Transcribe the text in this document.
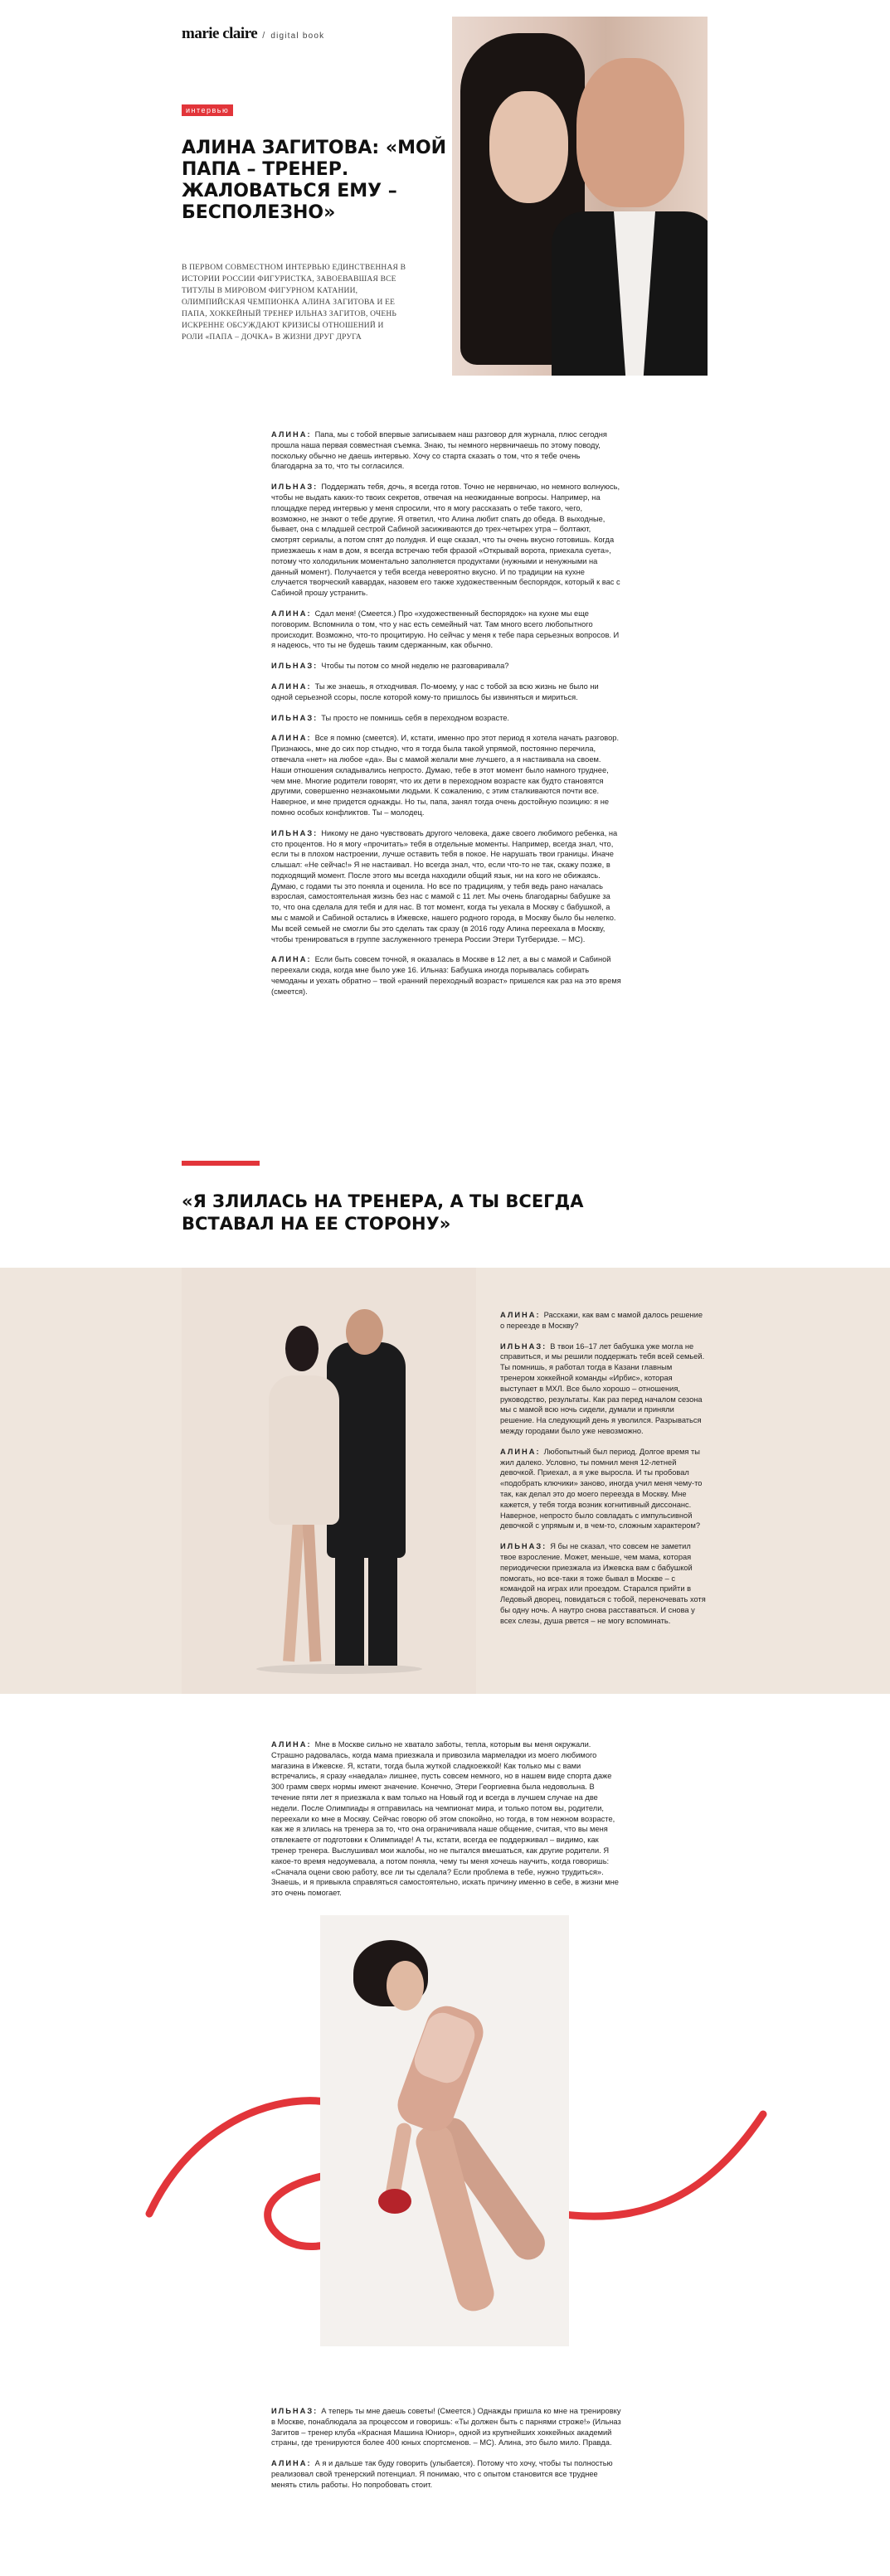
marie claire / digital book
интервью
АЛИНА ЗАГИТОВА: «МОЙ ПАПА – ТРЕНЕР. ЖАЛОВАТЬСЯ ЕМУ – БЕСПОЛЕЗНО»
В ПЕРВОМ СОВМЕСТНОМ ИНТЕРВЬЮ ЕДИНСТВЕННАЯ В ИСТОРИИ РОССИИ ФИГУРИСТКА, ЗАВОЕВАВШАЯ ВСЕ ТИТУЛЫ В МИРОВОМ ФИГУРНОМ КАТАНИИ, ОЛИМПИЙСКАЯ ЧЕМПИОНКА АЛИНА ЗАГИТОВА И ЕЕ ПАПА, ХОККЕЙНЫЙ ТРЕНЕР ИЛЬНАЗ ЗАГИТОВ, ОЧЕНЬ ИСКРЕННЕ ОБСУЖДАЮТ КРИЗИСЫ ОТНОШЕНИЙ И РОЛИ «ПАПА – ДОЧКА» В ЖИЗНИ ДРУГ ДРУГА

АЛИНА: Папа, мы с тобой впервые записываем наш разговор для журнала, плюс сегодня прошла наша первая совместная съемка. Знаю, ты немного нервничаешь по этому поводу, поскольку обычно не даешь интервью. Хочу со старта сказать о том, что я тебе очень благодарна за то, что ты согласился.

ИЛЬНАЗ: Поддержать тебя, дочь, я всегда готов. Точно не нервничаю, но немного волнуюсь, чтобы не выдать каких-то твоих секретов, отвечая на неожиданные вопросы. Например, на площадке перед интервью у меня спросили, что я могу рассказать о тебе такого, чего, возможно, не знают о тебе другие. Я ответил, что Алина любит спать до обеда. В выходные, бывает, она с младшей сестрой Сабиной засиживаются до трех-четырех утра – болтают, смотрят сериалы, а потом спят до полудня. И еще сказал, что ты очень вкусно готовишь. Когда приезжаешь к нам в дом, я всегда встречаю тебя фразой «Открывай ворота, приехала суета», потому что холодильник моментально заполняется продуктами (нужными и ненужными на данный момент). Получается у тебя всегда невероятно вкусно. И по традиции на кухне случается творческий кавардак, назовем его также художественным беспорядок, который к вас с Сабиной прошу устранить.

АЛИНА: Сдал меня! (Смеется.) Про «художественный беспорядок» на кухне мы еще поговорим. Вспомнила о том, что у нас есть семейный чат. Там много всего любопытного происходит. Возможно, что-то процитирую. Но сейчас у меня к тебе пара серьезных вопросов. И я надеюсь, что ты не будешь таким сдержанным, как обычно.

ИЛЬНАЗ: Чтобы ты потом со мной неделю не разговаривала?

АЛИНА: Ты же знаешь, я отходчивая. По-моему, у нас с тобой за всю жизнь не было ни одной серьезной ссоры, после которой кому-то пришлось бы извиняться и мириться.

ИЛЬНАЗ: Ты просто не помнишь себя в переходном возрасте.

АЛИНА: Все я помню (смеется). И, кстати, именно про этот период я хотела начать разговор. Признаюсь, мне до сих пор стыдно, что я тогда была такой упрямой, постоянно перечила, отвечала «нет» на любое «да». Вы с мамой желали мне лучшего, а я настаивала на своем. Наши отношения складывались непросто. Думаю, тебе в этот момент было намного труднее, чем мне. Многие родители говорят, что их дети в переходном возрасте как будто становятся другими, совершенно незнакомыми людьми. К сожалению, с этим сталкиваются почти все. Наверное, и мне придется однажды. Но ты, папа, занял тогда очень достойную позицию: я не помню особых конфликтов. Ты – молодец.

ИЛЬНАЗ: Никому не дано чувствовать другого человека, даже своего любимого ребенка, на сто процентов. Но я могу «прочитать» тебя в отдельные моменты. Например, всегда знал, что, если ты в плохом настроении, лучше оставить тебя в покое. Не нарушать твои границы. Иначе слышал: «Не сейчас!» Я не настаивал. Но всегда знал, что, если что-то не так, скажу позже, в подходящий момент. После этого мы всегда находили общий язык, ни на кого не обижаясь. Думаю, с годами ты это поняла и оценила. Но все по традициям, у тебя ведь рано началась взрослая, самостоятельная жизнь без нас с мамой с 11 лет. Мы очень благодарны бабушке за то, что она сделала для тебя и для нас. В тот момент, когда ты уехала в Москву с бабушкой, а мы с мамой и Сабиной остались в Ижевске, нашего родного города, в Москву было бы нелегко. Мы всей семьей не смогли бы это сделать так сразу (в 2016 году Алина переехала в Москву, чтобы тренироваться в группе заслуженного тренера России Этери Тутберидзе. – МС).

АЛИНА: Если быть совсем точной, я оказалась в Москве в 12 лет, а вы с мамой и Сабиной переехали сюда, когда мне было уже 16. Ильназ: Бабушка иногда порывалась собирать чемоданы и уехать обратно – твой «ранний переходный возраст» пришелся как раз на это время (смеется).

«Я ЗЛИЛАСЬ НА ТРЕНЕРА, А ТЫ ВСЕГДА ВСТАВАЛ НА ЕЕ СТОРОНУ»

АЛИНА: Расскажи, как вам с мамой далось решение о переезде в Москву?

ИЛЬНАЗ: В твои 16–17 лет бабушка уже могла не справиться, и мы решили поддержать тебя всей семьей. Ты помнишь, я работал тогда в Казани главным тренером хоккейной команды «Ирбис», которая выступает в МХЛ. Все было хорошо – отношения, руководство, результаты. Как раз перед началом сезона мы с мамой всю ночь сидели, думали и приняли решение. На следующий день я уволился. Разрываться между городами было уже невозможно.

АЛИНА: Любопытный был период. Долгое время ты жил далеко. Условно, ты помнил меня 12-летней девочкой. Приехал, а я уже выросла. И ты пробовал «подобрать ключики» заново, иногда учил меня чему-то так, как делал это до моего переезда в Москву. Мне кажется, у тебя тогда возник когнитивный диссонанс. Наверное, непросто было совладать с импульсивной девочкой с упрямым и, в чем-то, сложным характером?

ИЛЬНАЗ: Я бы не сказал, что совсем не заметил твое взросление. Может, меньше, чем мама, которая периодически приезжала из Ижевска вам с бабушкой помогать, но все-таки я тоже бывал в Москве – с командой на играх или проездом. Старался прийти в Ледовый дворец, повидаться с тобой, переночевать хотя бы одну ночь. А наутро снова расставаться. И снова у всех слезы, душа рвется – не могу вспоминать.

АЛИНА: Мне в Москве сильно не хватало заботы, тепла, которым вы меня окружали. Страшно радовалась, когда мама приезжала и привозила мармеладки из моего любимого магазина в Ижевске. Я, кстати, тогда была жуткой сладкоежкой! Как только мы с вами встречались, я сразу «наедала» лишнее, пусть совсем немного, но в нашем виде спорта даже 300 грамм сверх нормы имеют значение. Конечно, Этери Георгиевна была недовольна. В течение пяти лет я приезжала к вам только на Новый год и всегда в лучшем случае на две недели. После Олимпиады я отправилась на чемпионат мира, и только потом вы, родители, переехали ко мне в Москву. Сейчас говорю об этом спокойно, но тогда, в том нежном возрасте, как же я злилась на тренера за то, что она ограничивала наше общение, считая, что вы меня отвлекаете от подготовки к Олимпиаде! А ты, кстати, всегда ее поддерживал – видимо, как тренер тренера. Выслушивал мои жалобы, но не пытался вмешаться, как другие родители. Я какое-то время недоумевала, а потом поняла, чему ты меня хочешь научить, когда говоришь: «Сначала оцени свою работу, все ли ты сделала? Если проблема в тебе, нужно трудиться». Знаешь, и я привыкла справляться самостоятельно, искать причину именно в себе, в жизни мне это очень помогает.

ИЛЬНАЗ: А теперь ты мне даешь советы! (Смеется.) Однажды пришла ко мне на тренировку в Москве, понаблюдала за процессом и говоришь: «Ты должен быть с парнями строже!» (Ильназ Загитов – тренер клуба «Красная Машина Юниор», одной из крупнейших хоккейных академий страны, где тренируются более 400 юных спортсменов. – МС). Алина, это было мило. Правда.

АЛИНА: А я и дальше так буду говорить (улыбается). Потому что хочу, чтобы ты полностью реализовал свой тренерский потенциал. Я понимаю, что с опытом становится все труднее менять стиль работы. Но попробовать стоит.
